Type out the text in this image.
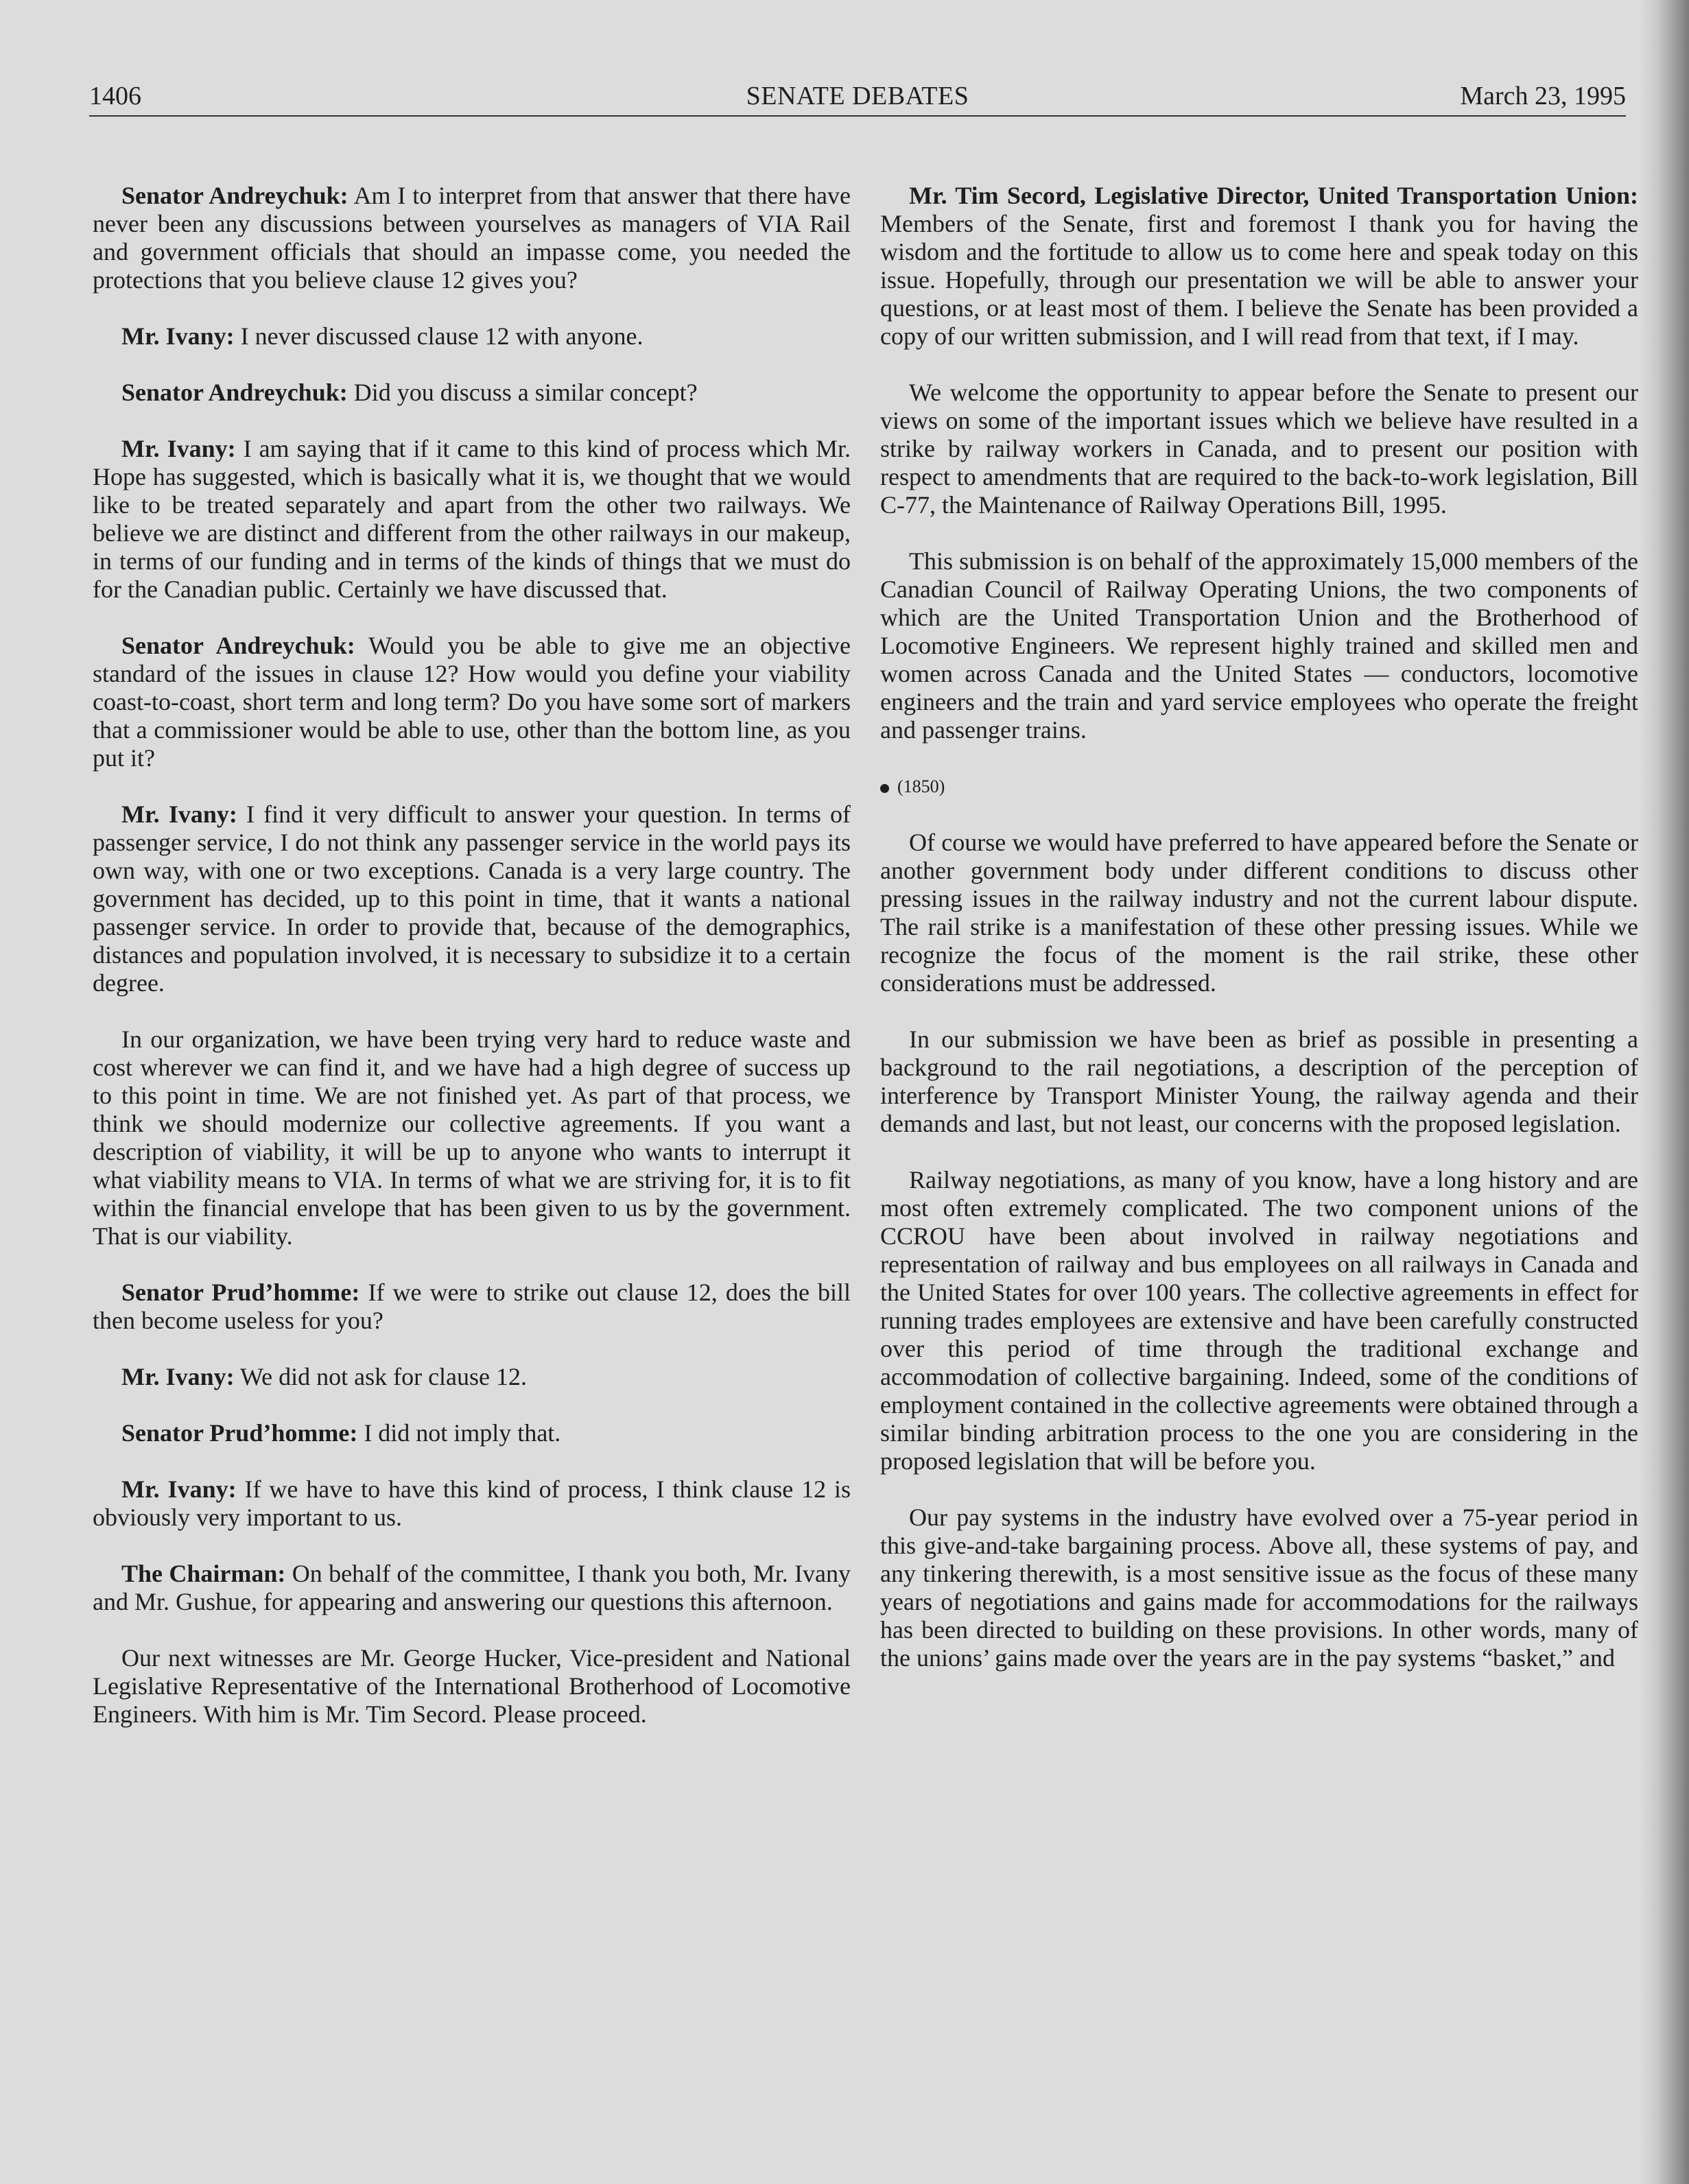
1406	SENATE DEBATES	March 23, 1995

Senator Andreychuk: Am I to interpret from that answer that there have never been any discussions between yourselves as managers of VIA Rail and government officials that should an impasse come, you needed the protections that you believe clause 12 gives you?

Mr. Ivany: I never discussed clause 12 with anyone.

Senator Andreychuk: Did you discuss a similar concept?

Mr. Ivany: I am saying that if it came to this kind of process which Mr. Hope has suggested, which is basically what it is, we thought that we would like to be treated separately and apart from the other two railways. We believe we are distinct and different from the other railways in our makeup, in terms of our funding and in terms of the kinds of things that we must do for the Canadian public. Certainly we have discussed that.

Senator Andreychuk: Would you be able to give me an objective standard of the issues in clause 12? How would you define your viability coast-to-coast, short term and long term? Do you have some sort of markers that a commissioner would be able to use, other than the bottom line, as you put it?

Mr. Ivany: I find it very difficult to answer your question. In terms of passenger service, I do not think any passenger service in the world pays its own way, with one or two exceptions. Canada is a very large country. The government has decided, up to this point in time, that it wants a national passenger service. In order to provide that, because of the demographics, distances and population involved, it is necessary to subsidize it to a certain degree.

In our organization, we have been trying very hard to reduce waste and cost wherever we can find it, and we have had a high degree of success up to this point in time. We are not finished yet. As part of that process, we think we should modernize our collective agreements. If you want a description of viability, it will be up to anyone who wants to interrupt it what viability means to VIA. In terms of what we are striving for, it is to fit within the financial envelope that has been given to us by the government. That is our viability.

Senator Prud’homme: If we were to strike out clause 12, does the bill then become useless for you?

Mr. Ivany: We did not ask for clause 12.

Senator Prud’homme: I did not imply that.

Mr. Ivany: If we have to have this kind of process, I think clause 12 is obviously very important to us.

The Chairman: On behalf of the committee, I thank you both, Mr. Ivany and Mr. Gushue, for appearing and answering our questions this afternoon.

Our next witnesses are Mr. George Hucker, Vice-president and National Legislative Representative of the International Brotherhood of Locomotive Engineers. With him is Mr. Tim Secord. Please proceed.

Mr. Tim Secord, Legislative Director, United Transportation Union: Members of the Senate, first and foremost I thank you for having the wisdom and the fortitude to allow us to come here and speak today on this issue. Hopefully, through our presentation we will be able to answer your questions, or at least most of them. I believe the Senate has been provided a copy of our written submission, and I will read from that text, if I may.

We welcome the opportunity to appear before the Senate to present our views on some of the important issues which we believe have resulted in a strike by railway workers in Canada, and to present our position with respect to amendments that are required to the back-to-work legislation, Bill C-77, the Maintenance of Railway Operations Bill, 1995.

This submission is on behalf of the approximately 15,000 members of the Canadian Council of Railway Operating Unions, the two components of which are the United Transportation Union and the Brotherhood of Locomotive Engineers. We represent highly trained and skilled men and women across Canada and the United States — conductors, locomotive engineers and the train and yard service employees who operate the freight and passenger trains.

(1850)

Of course we would have preferred to have appeared before the Senate or another government body under different conditions to discuss other pressing issues in the railway industry and not the current labour dispute. The rail strike is a manifestation of these other pressing issues. While we recognize the focus of the moment is the rail strike, these other considerations must be addressed.

In our submission we have been as brief as possible in presenting a background to the rail negotiations, a description of the perception of interference by Transport Minister Young, the railway agenda and their demands and last, but not least, our concerns with the proposed legislation.

Railway negotiations, as many of you know, have a long history and are most often extremely complicated. The two component unions of the CCROU have been about involved in railway negotiations and representation of railway and bus employees on all railways in Canada and the United States for over 100 years. The collective agreements in effect for running trades employees are extensive and have been carefully constructed over this period of time through the traditional exchange and accommodation of collective bargaining. Indeed, some of the conditions of employment contained in the collective agreements were obtained through a similar binding arbitration process to the one you are considering in the proposed legislation that will be before you.

Our pay systems in the industry have evolved over a 75-year period in this give-and-take bargaining process. Above all, these systems of pay, and any tinkering therewith, is a most sensitive issue as the focus of these many years of negotiations and gains made for accommodations for the railways has been directed to building on these provisions. In other words, many of the unions’ gains made over the years are in the pay systems “basket,” and
